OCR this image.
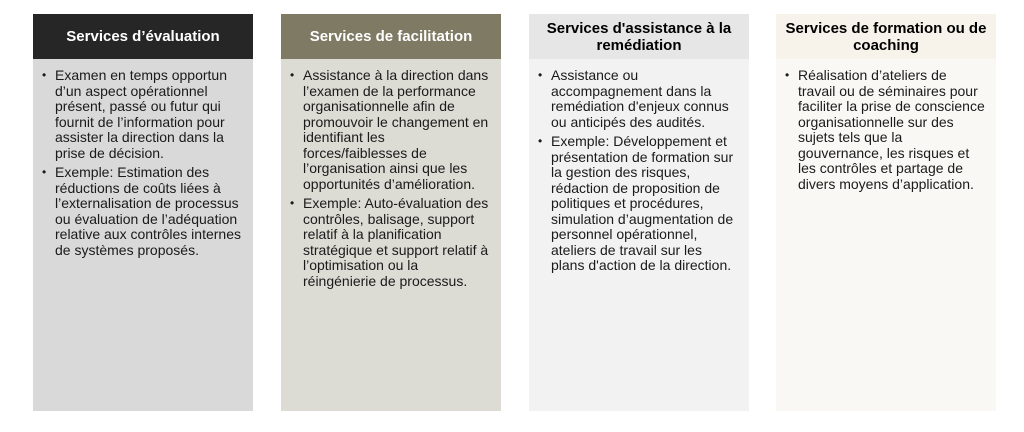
Services d’évaluation
• Examen en temps opportun d’un aspect opérationnel présent, passé ou futur qui fournit de l’information pour assister la direction dans la prise de décision.
• Exemple: Estimation des réductions de coûts liées à l’externalisation de processus ou évaluation de l’adéquation relative aux contrôles internes de systèmes proposés.
Services de facilitation
• Assistance à la direction dans l’examen de la performance organisationnelle afin de promouvoir le changement en identifiant les forces/faiblesses de l’organisation ainsi que les opportunités d’amélioration.
• Exemple: Auto-évaluation des contrôles, balisage, support relatif à la planification stratégique et support relatif à l’optimisation ou la réingénierie de processus.
Services d'assistance à la remédiation
• Assistance ou accompagnement dans la remédiation d'enjeux connus ou anticipés des audités.
• Exemple: Développement et présentation de formation sur la gestion des risques, rédaction de proposition de politiques et procédures, simulation d’augmentation de personnel opérationnel, ateliers de travail sur les plans d'action de la direction.
Services de formation ou de coaching
• Réalisation d’ateliers de travail ou de séminaires pour faciliter la prise de conscience organisationnelle sur des sujets tels que la gouvernance, les risques et les contrôles et partage de divers moyens d’application.
